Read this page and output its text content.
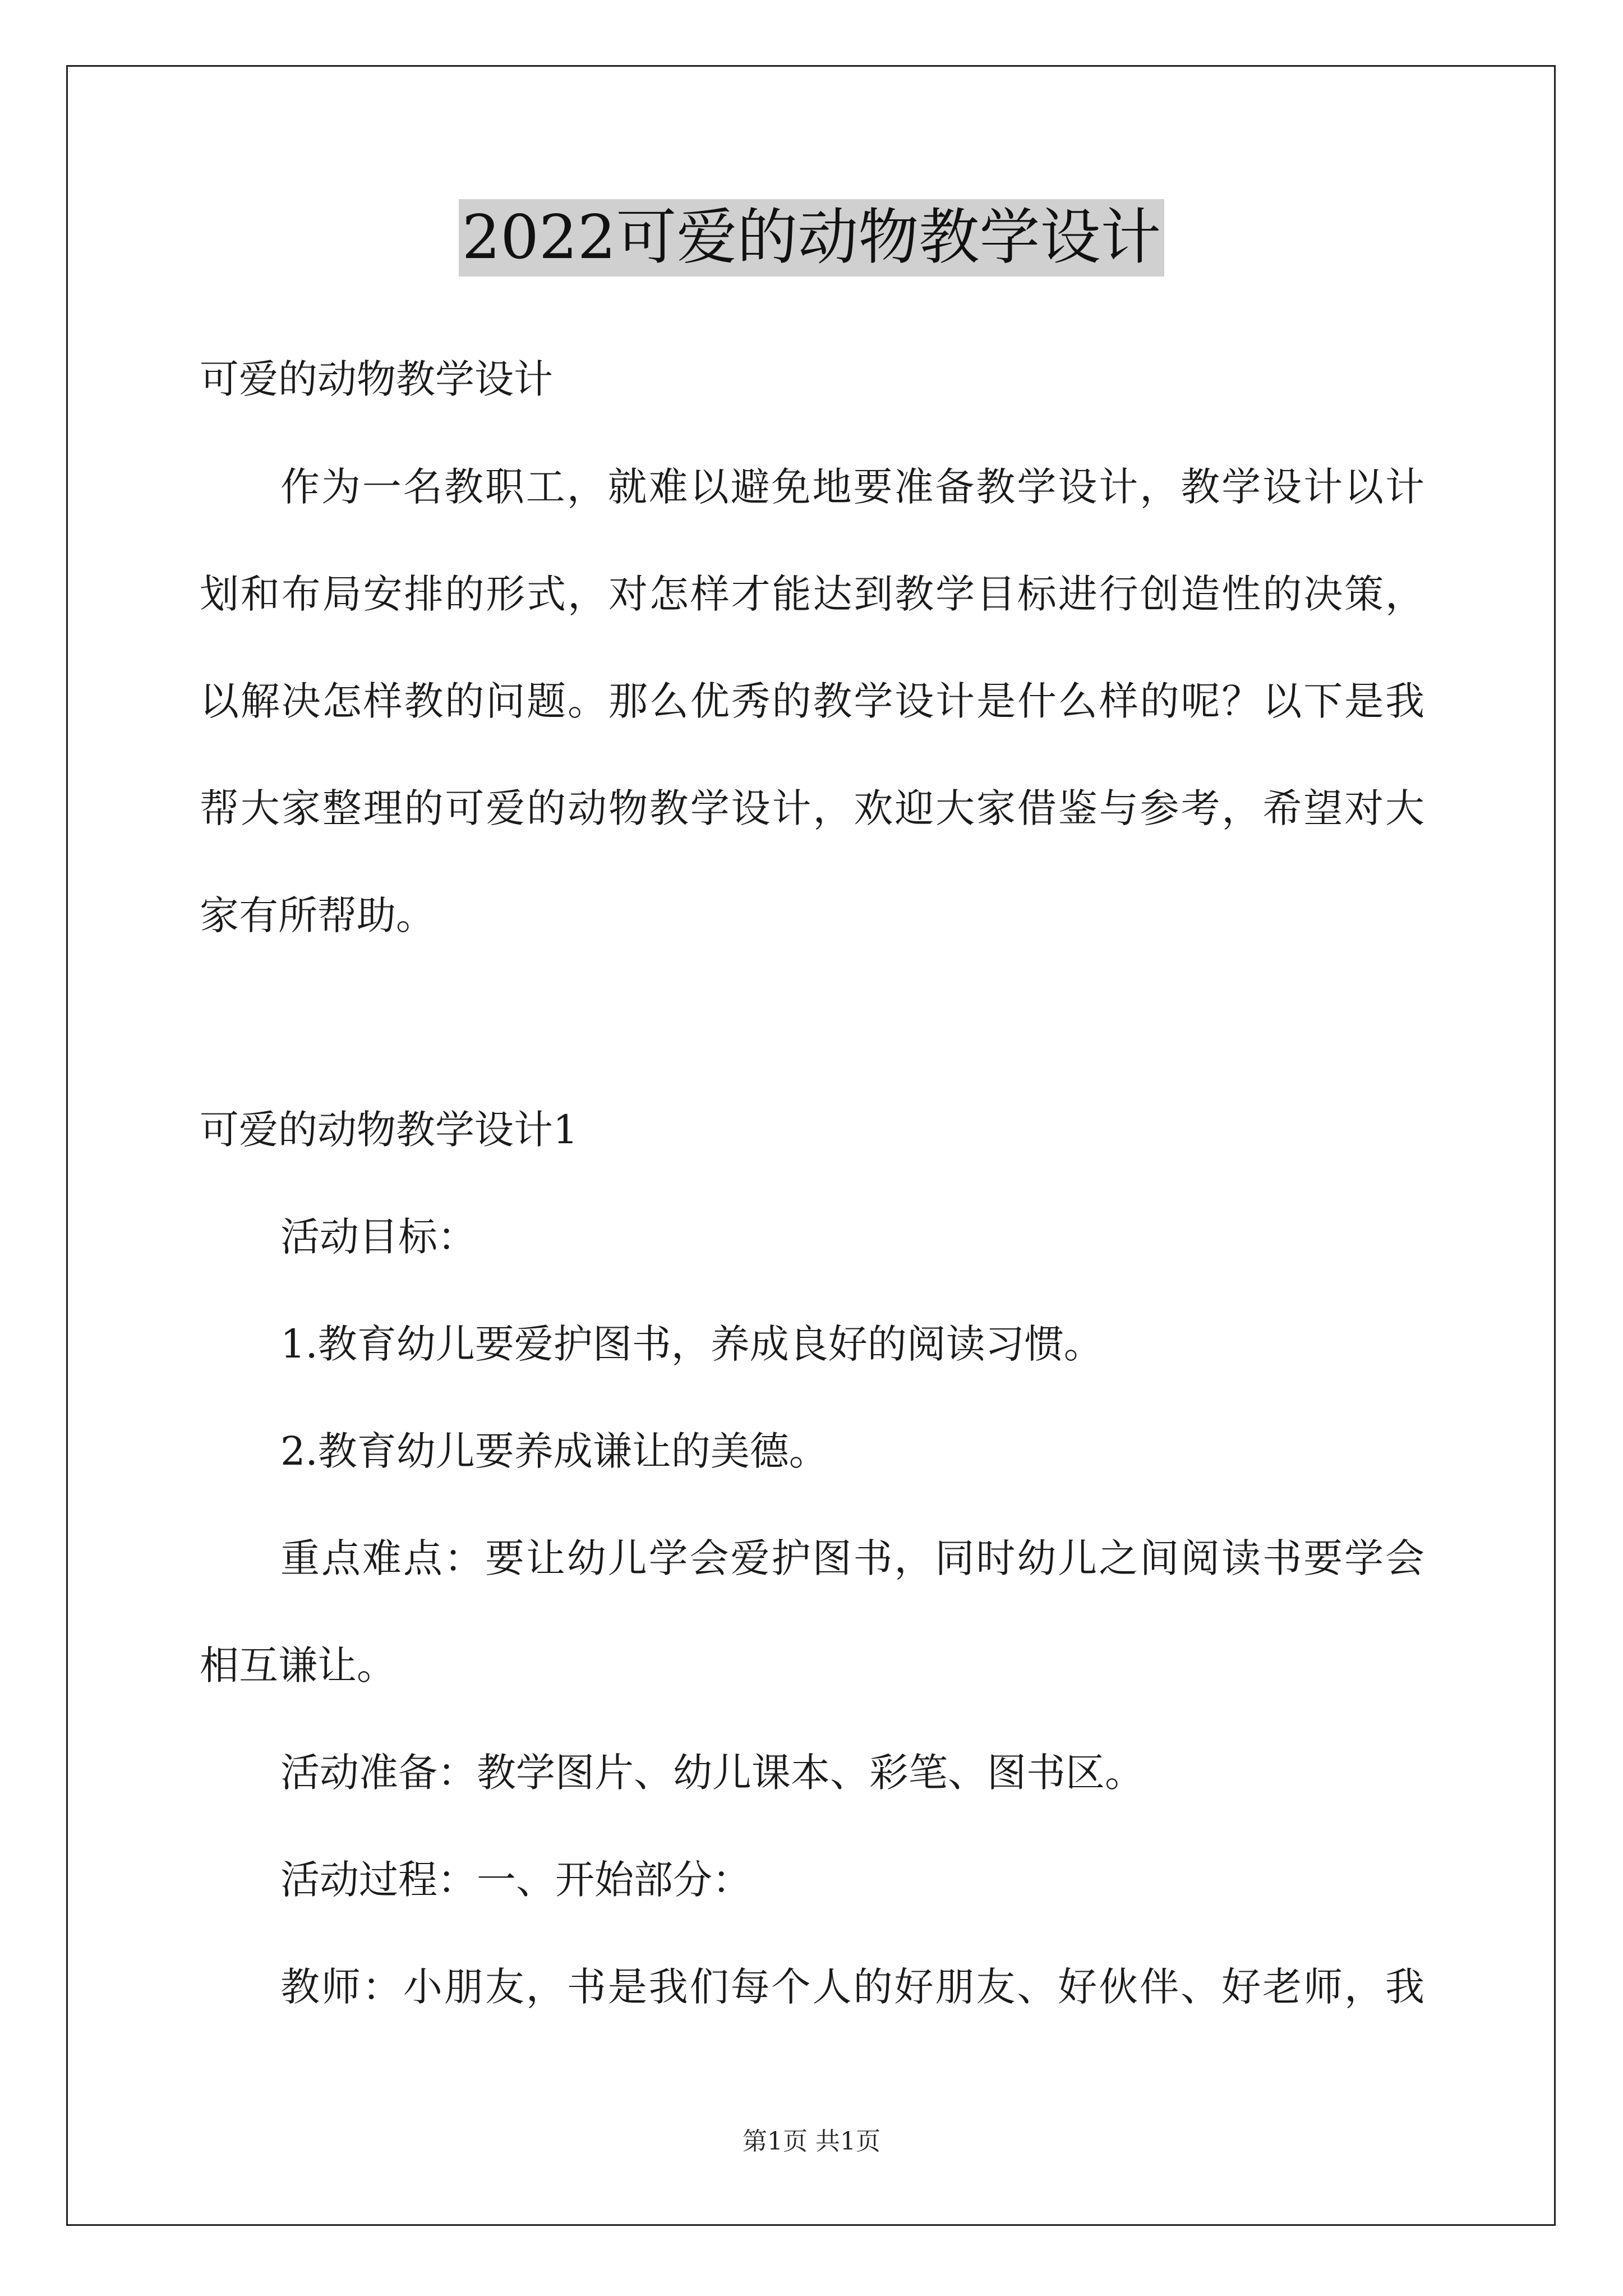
2022可爱的动物教学设计
可爱的动物教学设计
作为一名教职工，就难以避免地要准备教学设计，教学设计以计
划和布局安排的形式，对怎样才能达到教学目标进行创造性的决策，
以解决怎样教的问题。那么优秀的教学设计是什么样的呢？以下是我
帮大家整理的可爱的动物教学设计，欢迎大家借鉴与参考，希望对大
家有所帮助。
可爱的动物教学设计1
活动目标：
1.教育幼儿要爱护图书，养成良好的阅读习惯。
2.教育幼儿要养成谦让的美德。
重点难点：要让幼儿学会爱护图书，同时幼儿之间阅读书要学会
相互谦让。
活动准备：教学图片、幼儿课本、彩笔、图书区。
活动过程：一、开始部分：
教师：小朋友，书是我们每个人的好朋友、好伙伴、好老师，我
第1页 共1页
